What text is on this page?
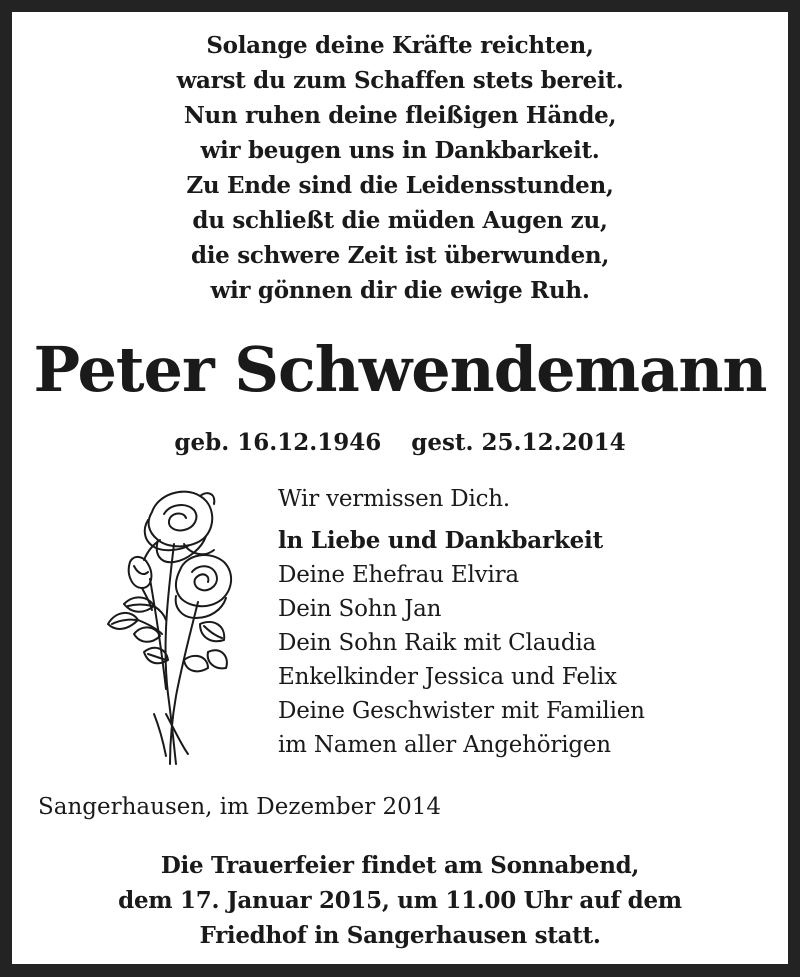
Solange deine Kräfte reichten,
warst du zum Schaffen stets bereit.
Nun ruhen deine fleißigen Hände,
wir beugen uns in Dankbarkeit.
Zu Ende sind die Leidensstunden,
du schließt die müden Augen zu,
die schwere Zeit ist überwunden,
wir gönnen dir die ewige Ruh.
Peter Schwendemann
geb. 16.12.1946 gest. 25.12.2014
Wir vermissen Dich.
ln Liebe und Dankbarkeit
Deine Ehefrau Elvira
Dein Sohn Jan
Dein Sohn Raik mit Claudia
Enkelkinder Jessica und Felix
Deine Geschwister mit Familien
im Namen aller Angehörigen
Sangerhausen, im Dezember 2014
Die Trauerfeier findet am Sonnabend,
dem 17. Januar 2015, um 11.00 Uhr auf dem
Friedhof in Sangerhausen statt.
